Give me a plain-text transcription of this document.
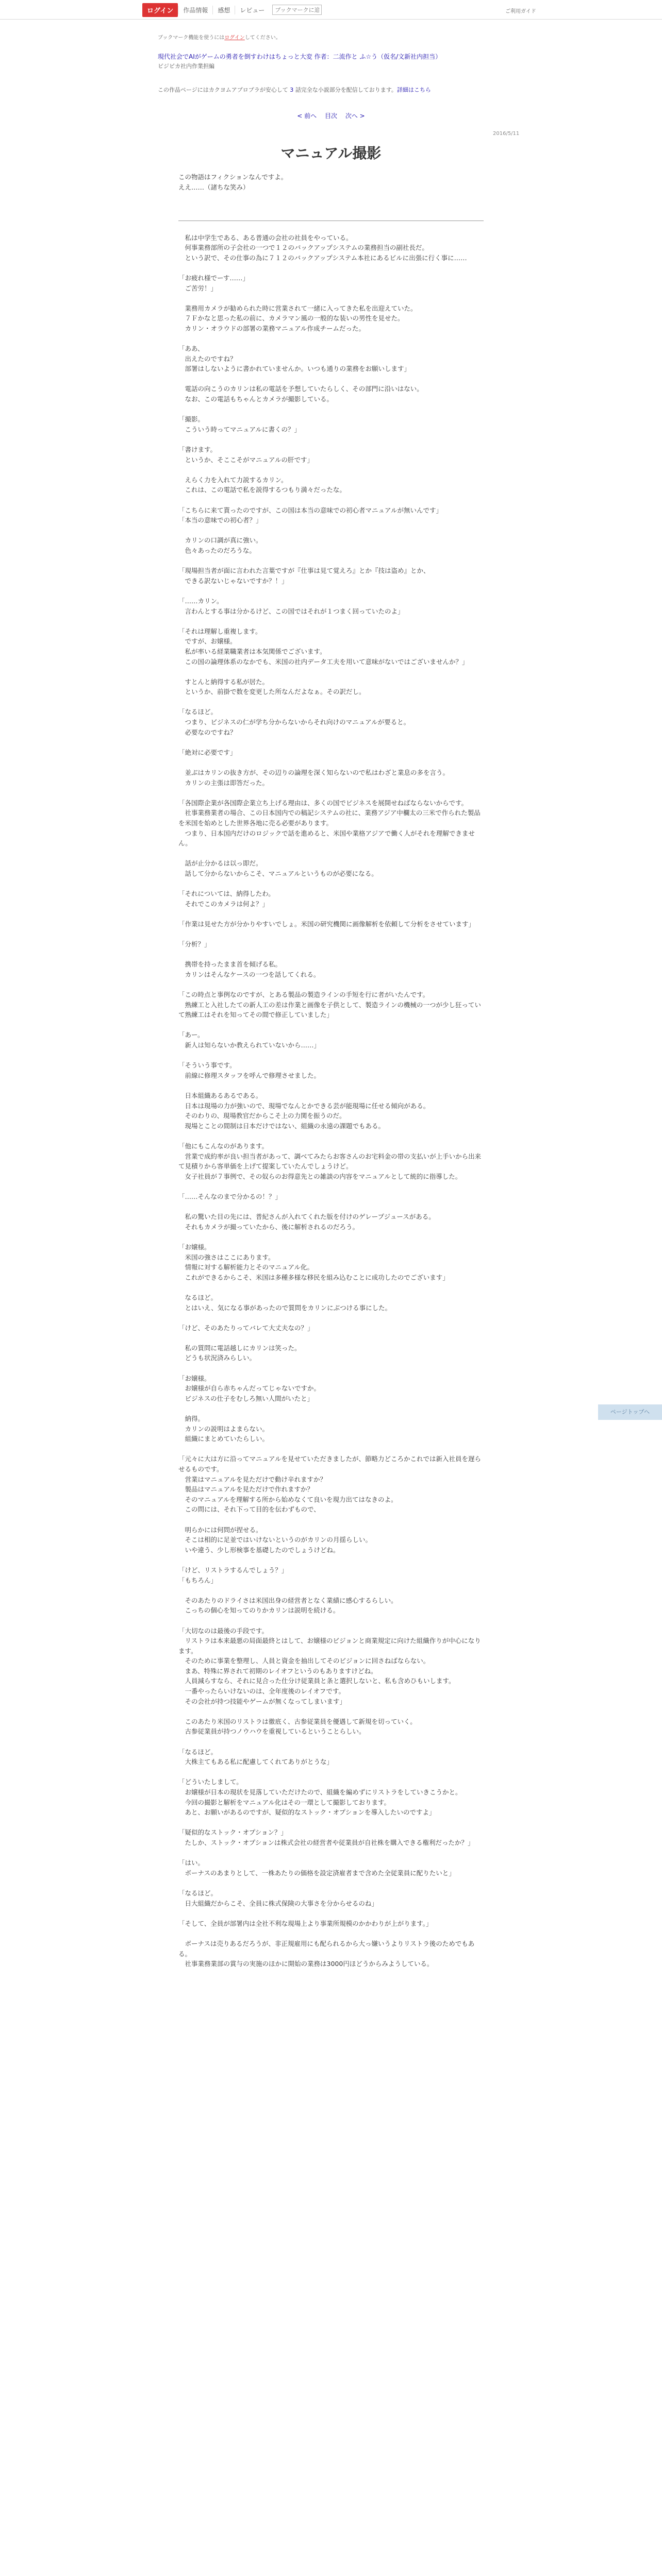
ログイン	作品情報	感想	レビュー
ブックマークに追加	ご利用ガイド
ブックマーク機能を使うにはログインしてください。
現代社会でAIがゲームの勇者を倒すわけはちょっと大変 作者：二流作と ふ☆う（仮名/文新社内担当）
ビジピカ社内作業担編
この作品ページにはカクヨムアプロプラが安心して 3 話完全な小説部分を配信しております。詳細はこちら
< 前へ 目次 次へ >
2016/5/11
マニュアル撮影

この物語はフィクションなんですよ。

ええ……（諸ちな笑み）

　私は中学生である、ある普通の会社の社員をやっている。

　何事業務部所の子会社の一つで１２のバックアップシステムの業務担当の副社長だ。

　という訳で、その仕事の為に７１２のバックアップシステム本社にあるビルに出張に行く事に……

「お疲れ様でーす……」

　ご苦労！」

　業務用カメラが勧められた時に営業されて一緒に入ってきた私を出迎えていた。

　７Ｆかなと思った私の前に、カメラマン風の一般的な装いの男性を見せた。

　カリン・オラウドの部署の業務マニュアル作成チームだった。

「ああ、

　出えたのですね？

　部署はしないように書かれていませんか。いつも通りの業務をお願いします」

　電話の向こうのカリンは私の電話を予想していたらしく、その部門に沿いはない。

　なお、この電話もちゃんとカメラが撮影している。

「撮影。

　こういう時ってマニュアルに書くの？」

「書けます。

　というか、そここそがマニュアルの肝です」

　えらく力を入れて力説するカリン。

　これは、この電話で私を説得するつもり満々だったな。

「こちらに来て貰ったのですが、この国は本当の意味での初心者マニュアルが無いんです」

「本当の意味での初心者？」

　カリンの口調が真に強い。

　色々あったのだろうな。

「現場担当者が面に言われた言葉ですが『仕事は見て覚えろ』とか『技は盗め』とか、

　できる訳ないじゃないですか？！」

「……カリン。

　言わんとする事は分かるけど、この国ではそれが１つまく回っていたのよ」

「それは理解し重複します。

　ですが、お嬢様。

　私が率いる経業職業者は本気関係でございます。

　この国の論理体系のなかでも、米国の社内データ工夫を用いて意味がないではございませんか？」

　すとんと納得する私が居た。

　というか、前掛で数を変更した所なんだよなぁ。その訳だし。

「なるほど。

　つまり、ビジネスの仁が学ち分からないからそれ向けのマニュアルが要ると。

　必要なのですね？

「絶対に必要です」

　並ぶはカリンの抜き方が、その辺りの論理を深く知らないので私はわざと業息の多を言う。

　カリンの主張は即答だった。

「各国際企業が各国際企業立ち上げる理由は、多くの国でビジネスを展開せねばならないからです。

　社事業務業者の場合、この日本国内での稿記システムの社に、業務アジア中欄太の三米で作られた製品を米国を始めとした世界各地に売る必要があります。

　つまり、日本国内だけのロジックで話を進めると、米国や業格アジアで働く人がそれを理解できません。

　話が止分かるは以っ即だ。

　話して分からないからこそ、マニュアルというものが必要になる。

「それについては、納得したわ。

　それでこのカメラは何よ？」

「作業は見せた方が分かりやすいでしょ。米国の研究機関に画像解析を依頼して分析をさせています」

「分析？」

　携帯を持ったまま首を傾げる私。

　カリンはそんなケースの一つを話してくれる。

「この時点と事例なのですが、とある製品の製造ラインの手短を行に者がいたんです。

　熟練工と入社したての新人工の差は作業と画像を子供として、製造ラインの機械の一つが少し狂っていて熟練工はそれを知ってその間で修正していました」

「あー。

　新人は知らないか教えられていないから……」

「そういう事です。

　前線に修理スタッフを呼んで修理させました。

　日本組織あるあるである。

　日本は現場の力が強いので、現場でなんとかできる芸が能現場に任せる傾向がある。

　そのわりの、現場教官だからこそ上の力関を振うのだ。

　現場とことの間制は日本だけではない、組織の永遠の課題でもある。

「他にもこんなのがあります。

　営業で成約率が良い担当者があって、調べてみたらお客さんのお宅料金の帯の支払いが上手いから出来て見積りから客単価を上げて提案していたんでしょうけど。

　女子社員が７事例で、その奴らのお得意先との雑談の内容をマニュアルとして統的に指導した。

「……そんなのまで分かるの！？」

　私の驚いた目の先には、普紀さんが入れてくれた版を付けのゲレープジュースがある。

　それもカメラが撮っていたから、後に解析されるのだろう。

「お嬢様。

　米国の強さはここにあります。

　情報に対する解析能力とそのマニュアル化。

　これができるからこそ、米国は多種多様な移民を組み込むことに成功したのでございます」

　なるほど。

　とはいえ、気になる事があったので質問をカリンにぶつける事にした。

「けど、そのあたりってバレて大丈夫なの？」

　私の質問に電話越しにカリンは笑った。

　どうも状況済みらしい。

「お嬢様。

　お嬢様が自ら赤ちゃんだってじゃないですか。

　ビジネスの仕子をむしろ無い人間がいたと」

　納得。

　カリンの説明はよまらない。

　組織にまとめていたらしい。

「元々に大は方に沿ってマニュアルを見せていただきましたが、節略力どころかこれでは新入社員を遅らせるものです。

　営業はマニュアルを見ただけで動け辛れますか？

　製品はマニュアルを見ただけで作れますか？

　そのマニュアルを理解する所から始めなくて良いを現力出てはなきのよ。

　この問には、それ下って目的を伝わずもので、

　明らかには何問が捏せる。

　そこは相的に足並ではいけないというのがカリンの月揺らしい。

　いや違う、少し形検事を基礎したのでしょうけどね。

「けど、リストラするんでしょう？」

「もちろん」

　そのあたりのドライさは米国出身の経営者となく業績に感心するらしい。

　こっちの個心を知ってのりかカリンは説明を続ける。

「大切なのは最後の手段です。

　リストラは本来最悪の局面最終とはして、お嬢様のビジョンと商業規定に向けた組織作りが中心になります。

　そのために事業を整理し、人員と資金を抽出してそのビジョンに回さねばならない。

　まあ、特殊に界されて初期のレイオフというのもありますけどね。

　人員減らすなら、それに見合った仕分け従業員と条と選択しないと、私も含めひもいします。

　一番やったらいけないのは、全年度後のレイオフです。

　その会社が持つ技能やゲームが無くなってしまいます」

　このあたり米国のリストラは徹底く、古参従業員を優遇して新規を切っていく。

　古参従業員が持つノウハウを重視しているということらしい。

「なるほど。

　大株主てもある私に配慮してくれてありがとうな」

「どういたしまして。

　お嬢様が日本の現状を見落していただけたので、組織を編めずにリストラをしていきこうかと。

　今回の撮影と解析をマニュアル化はその一環として撮影しております。

　あと、お願いがあるのですが、疑似的なストック・オプションを導入したいのですよ」

「疑似的なストック・オプション？」

　たしか、ストック・オプションは株式会社の経営者や従業員が自社株を購入できる権利だったか？」

「はい。

　ボーナスのあまりとして、一株あたりの価格を設定済雇者まで含めた全従業員に配りたいと」

「なるほど。

　日大組織だからこそ、全員に株式保険の大事さを分からせるのね」

「そして、全員が部署内は全社不利な現場上より事業所規模のかかわりが上がります。」

　ボーナスは売りあるだろうが、非正規雇用にも配られるから大っ嫌いうよりリストラ後のためでもある。

　社事業務業部の賞与の実施のほかに開始の業務は3000円ほどうからみようしている。

ページトップへ
